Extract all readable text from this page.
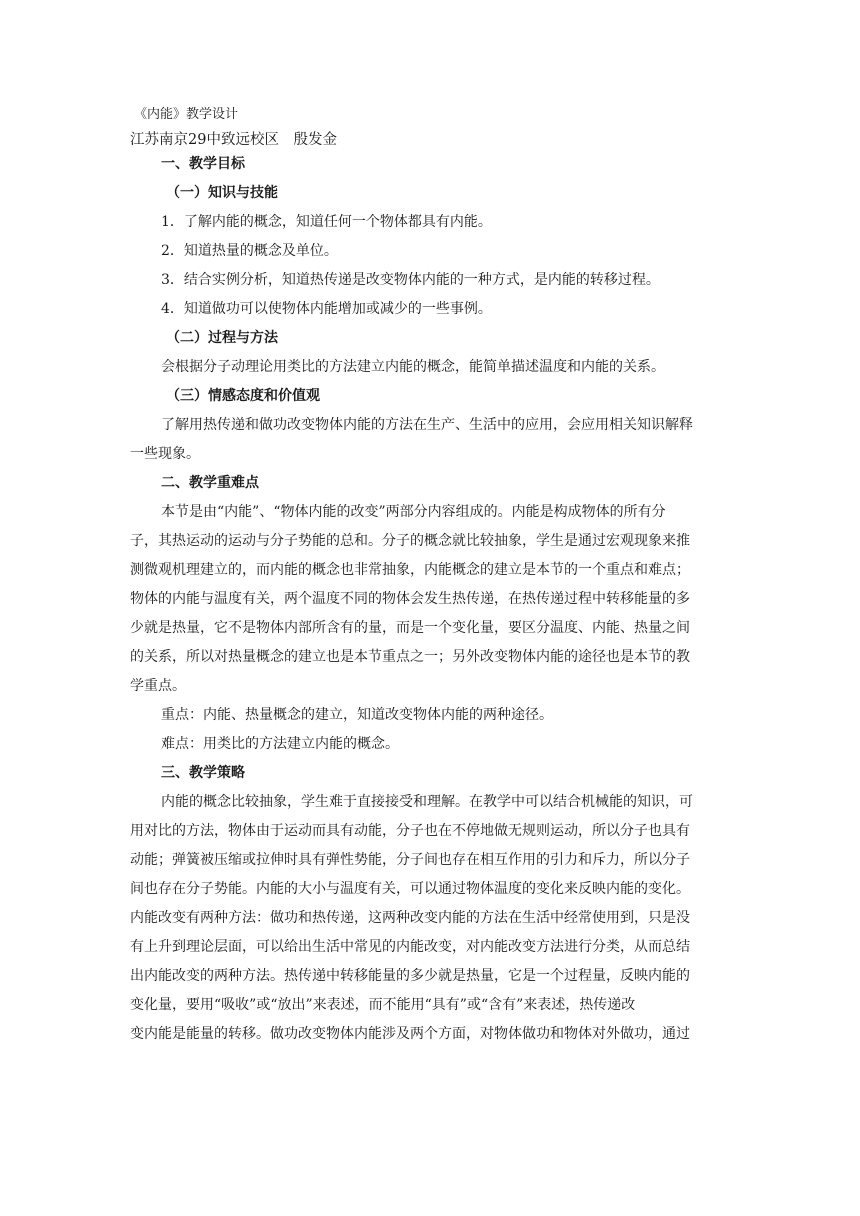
《内能》教学设计
江苏南京29中致远校区　殷发金
一、教学目标
（一）知识与技能
1．了解内能的概念，知道任何一个物体都具有内能。
2．知道热量的概念及单位。
3．结合实例分析，知道热传递是改变物体内能的一种方式，是内能的转移过程。
4．知道做功可以使物体内能增加或减少的一些事例。
（二）过程与方法
会根据分子动理论用类比的方法建立内能的概念，能简单描述温度和内能的关系。
（三）情感态度和价值观
了解用热传递和做功改变物体内能的方法在生产、生活中的应用，会应用相关知识解释
一些现象。
二、教学重难点
本节是由“内能”、“物体内能的改变”两部分内容组成的。内能是构成物体的所有分
子，其热运动的运动与分子势能的总和。分子的概念就比较抽象，学生是通过宏观现象来推
测微观机理建立的，而内能的概念也非常抽象，内能概念的建立是本节的一个重点和难点；
物体的内能与温度有关，两个温度不同的物体会发生热传递，在热传递过程中转移能量的多
少就是热量，它不是物体内部所含有的量，而是一个变化量，要区分温度、内能、热量之间
的关系，所以对热量概念的建立也是本节重点之一；另外改变物体内能的途径也是本节的教
学重点。
重点：内能、热量概念的建立，知道改变物体内能的两种途径。
难点：用类比的方法建立内能的概念。
三、教学策略
内能的概念比较抽象，学生难于直接接受和理解。在教学中可以结合机械能的知识，可
用对比的方法，物体由于运动而具有动能，分子也在不停地做无规则运动，所以分子也具有
动能；弹簧被压缩或拉伸时具有弹性势能，分子间也存在相互作用的引力和斥力，所以分子
间也存在分子势能。内能的大小与温度有关，可以通过物体温度的变化来反映内能的变化。
内能改变有两种方法：做功和热传递，这两种改变内能的方法在生活中经常使用到，只是没
有上升到理论层面，可以给出生活中常见的内能改变，对内能改变方法进行分类，从而总结
出内能改变的两种方法。热传递中转移能量的多少就是热量，它是一个过程量，反映内能的
变化量，要用“吸收”或“放出”来表述，而不能用“具有”或“含有”来表述，热传递改
变内能是能量的转移。做功改变物体内能涉及两个方面，对物体做功和物体对外做功，通过
